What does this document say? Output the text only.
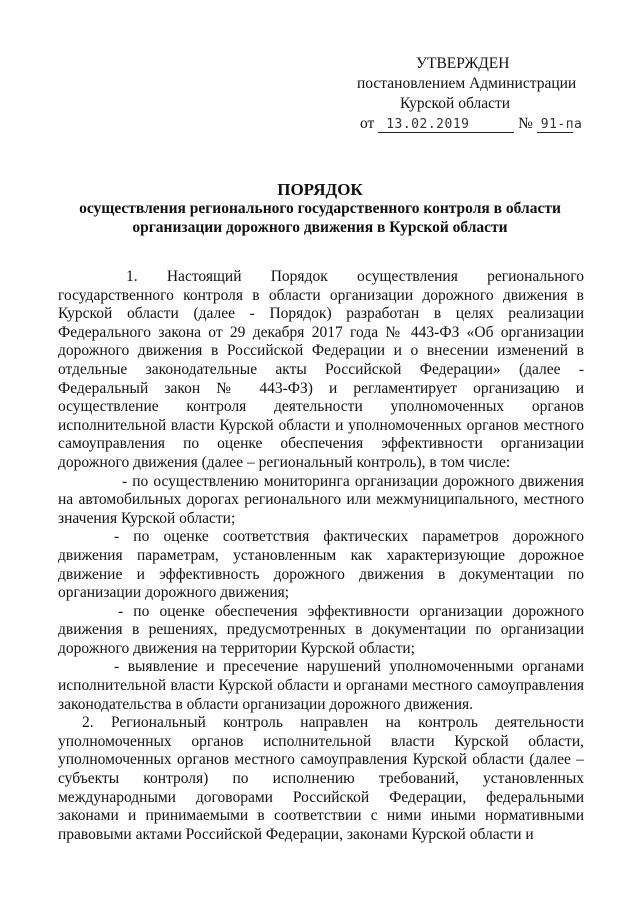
УТВЕРЖДЕН
постановлением Администрации
Курской области
от 13.02.2019	№ 91-па
ПОРЯДОК
осуществления регионального государственного контроля в области
организации дорожного движения в Курской области

1. Настоящий Порядок осуществления регионального государственного контроля в области организации дорожного движения в Курской области (далее - Порядок) разработан в целях реализации Федерального закона от 29 декабря 2017 года № 443-ФЗ «Об организации дорожного движения в Российской Федерации и о внесении изменений в отдельные законодательные акты Российской Федерации» (далее - Федеральный закон № 443-ФЗ) и регламентирует организацию и осуществление контроля деятельности уполномоченных органов исполнительной власти Курской области и уполномоченных органов местного самоуправления по оценке обеспечения эффективности организации дорожного движения (далее – региональный контроль), в том числе:

- по осуществлению мониторинга организации дорожного движения на автомобильных дорогах регионального или межмуниципального, местного значения Курской области;

- по оценке соответствия фактических параметров дорожного движения параметрам, установленным как характеризующие дорожное движение и эффективность дорожного движения в документации по организации дорожного движения;

- по оценке обеспечения эффективности организации дорожного движения в решениях, предусмотренных в документации по организации дорожного движения на территории Курской области;

- выявление и пресечение нарушений уполномоченными органами исполнительной власти Курской области и органами местного самоуправления законодательства в области организации дорожного движения.

2. Региональный контроль направлен на контроль деятельности уполномоченных органов исполнительной власти Курской области, уполномоченных органов местного самоуправления Курской области (далее – субъекты контроля) по исполнению требований, установленных международными договорами Российской Федерации, федеральными законами и принимаемыми в соответствии с ними иными нормативными правовыми актами Российской Федерации, законами Курской области и
